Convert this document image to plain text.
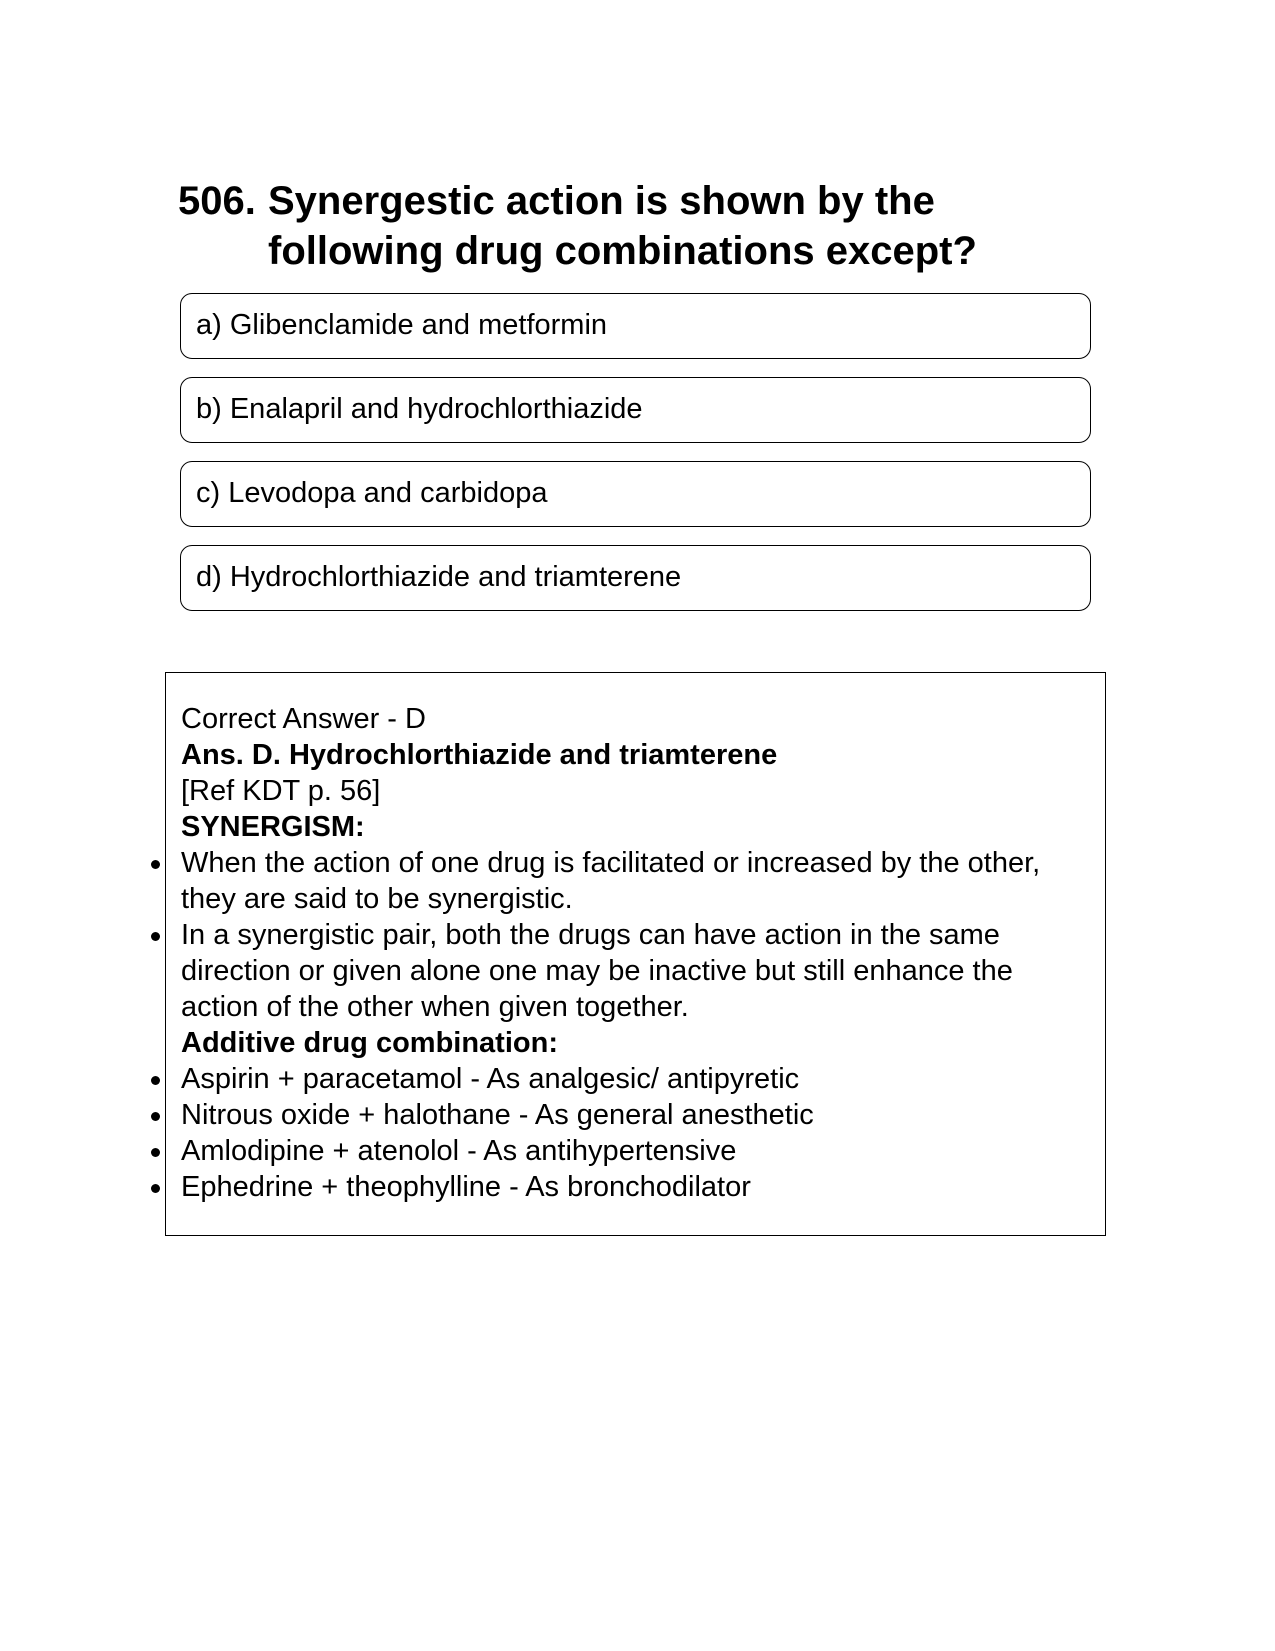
506. Synergestic action is shown by the following drug combinations except?
a) Glibenclamide and metformin
b) Enalapril and hydrochlorthiazide
c) Levodopa and carbidopa
d) Hydrochlorthiazide and triamterene

Correct Answer - D

Ans. D. Hydrochlorthiazide and triamterene

[Ref KDT p. 56]

SYNERGISM:

When the action of one drug is facilitated or increased by the other, they are said to be synergistic.
In a synergistic pair, both the drugs can have action in the same direction or given alone one may be inactive but still enhance the action of the other when given together.

Additive drug combination:

Aspirin + paracetamol - As analgesic/ antipyretic
Nitrous oxide + halothane - As general anesthetic
Amlodipine + atenolol - As antihypertensive
Ephedrine + theophylline - As bronchodilator
